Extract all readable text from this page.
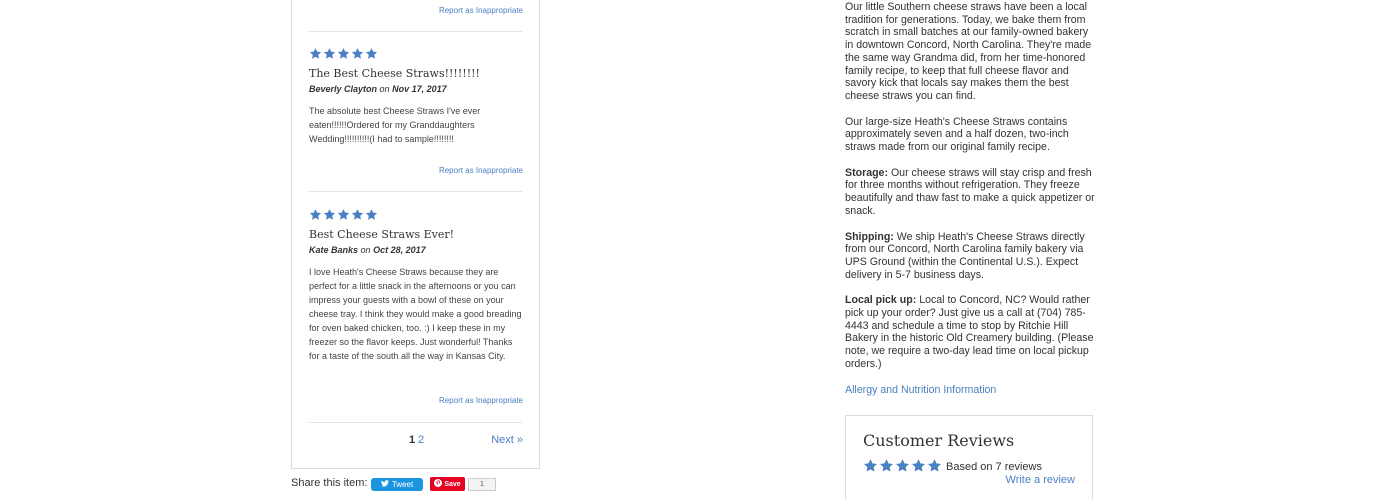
Report as Inappropriate
The Best Cheese Straws!!!!!!!!
Beverly Clayton on Nov 17, 2017
The absolute best Cheese Straws I've ever eaten!!!!!!Ordered for my Granddaughters Wedding!!!!!!!!!!(I had to sample!!!!!!!!
Report as Inappropriate
Best Cheese Straws Ever!
Kate Banks on Oct 28, 2017
I love Heath's Cheese Straws because they are perfect for a little snack in the afternoons or you can impress your guests with a bowl of these on your cheese tray. I think they would make a good breading for oven baked chicken, too. :) I keep these in my freezer so the flavor keeps. Just wonderful! Thanks for a taste of the south all the way in Kansas City.
Report as Inappropriate
1 2	Next »
Share this item:	Tweet	Save	1

Our little Southern cheese straws have been a local tradition for generations. Today, we bake them from scratch in small batches at our family-owned bakery in downtown Concord, North Carolina. They're made the same way Grandma did, from her time-honored family recipe, to keep that full cheese flavor and savory kick that locals say makes them the best cheese straws you can find.

Our large-size Heath's Cheese Straws contains approximately seven and a half dozen, two-inch straws made from our original family recipe.

Storage: Our cheese straws will stay crisp and fresh for three months without refrigeration. They freeze beautifully and thaw fast to make a quick appetizer or snack.

Shipping: We ship Heath's Cheese Straws directly from our Concord, North Carolina family bakery via UPS Ground (within the Continental U.S.). Expect delivery in 5-7 business days.

Local pick up: Local to Concord, NC? Would rather pick up your order? Just give us a call at (704) 785-4443 and schedule a time to stop by Ritchie Hill Bakery in the historic Old Creamery building. (Please note, we require a two-day lead time on local pickup orders.)

Allergy and Nutrition Information
Customer Reviews
Based on 7 reviews
Write a review
